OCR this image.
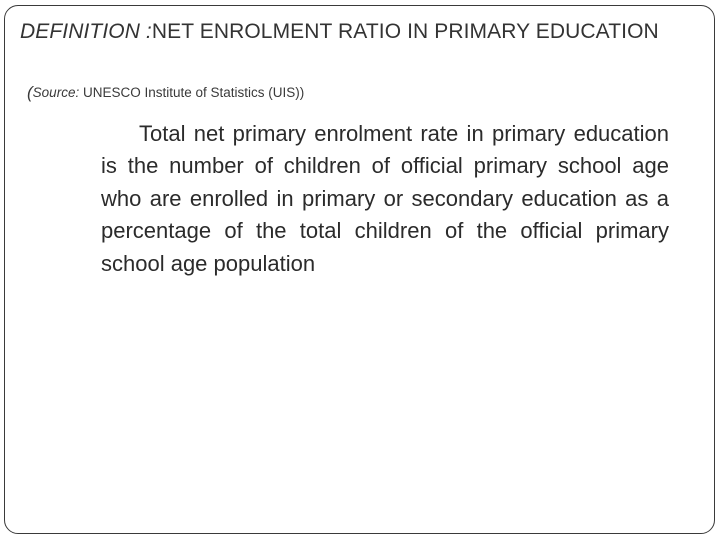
DEFINITION :NET ENROLMENT RATIO IN PRIMARY EDUCATION
(Source: UNESCO Institute of Statistics (UIS))
Total net primary enrolment rate in primary education is the number of children of official primary school age who are enrolled in primary or secondary education as a percentage of the total children of the official primary school age population
